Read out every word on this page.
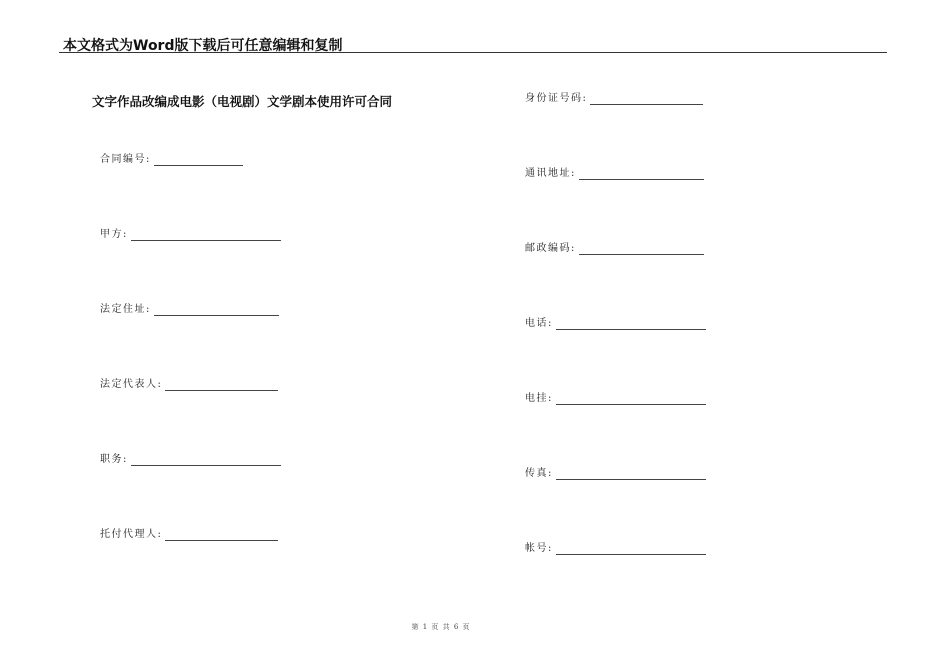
本文格式为Word版下载后可任意编辑和复制
文字作品改编成电影（电视剧）文学剧本使用许可合同
合同编号:
甲方:
法定住址:
法定代表人:
职务:
托付代理人:
身份证号码:
通讯地址:
邮政编码:
电话:
电挂:
传真:
帐号:
第 1 页 共 6 页
